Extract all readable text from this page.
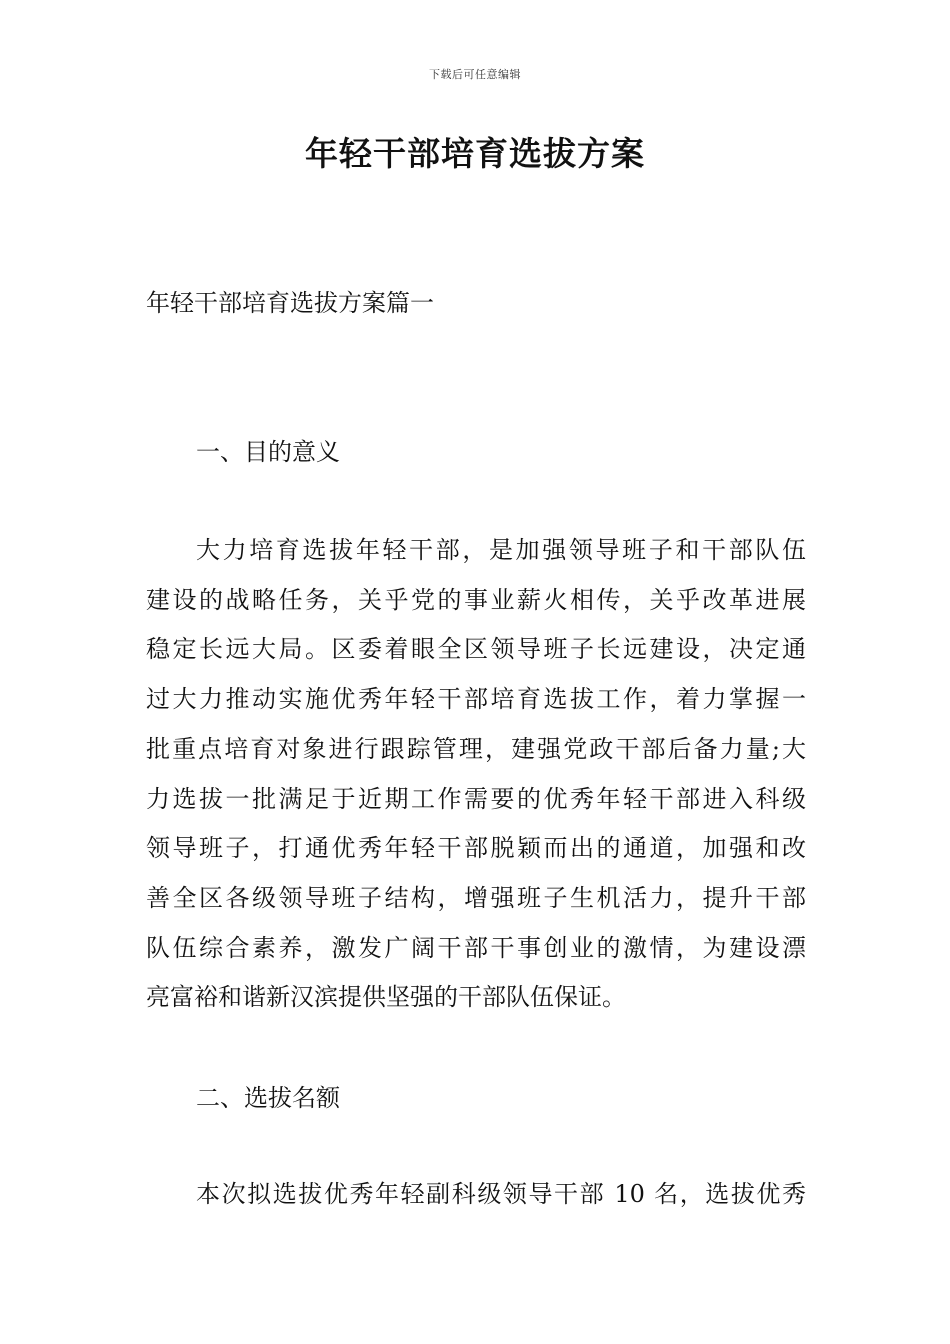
下载后可任意编辑
年轻干部培育选拔方案
年轻干部培育选拔方案篇一
一、目的意义
大力培育选拔年轻干部，是加强领导班子和干部队伍
建设的战略任务，关乎党的事业薪火相传，关乎改革进展
稳定长远大局。区委着眼全区领导班子长远建设，决定通
过大力推动实施优秀年轻干部培育选拔工作，着力掌握一
批重点培育对象进行跟踪管理，建强党政干部后备力量;大
力选拔一批满足于近期工作需要的优秀年轻干部进入科级
领导班子，打通优秀年轻干部脱颖而出的通道，加强和改
善全区各级领导班子结构，增强班子生机活力，提升干部
队伍综合素养，激发广阔干部干事创业的激情，为建设漂
亮富裕和谐新汉滨提供坚强的干部队伍保证。
二、选拔名额
本次拟选拔优秀年轻副科级领导干部 10 名，选拔优秀
